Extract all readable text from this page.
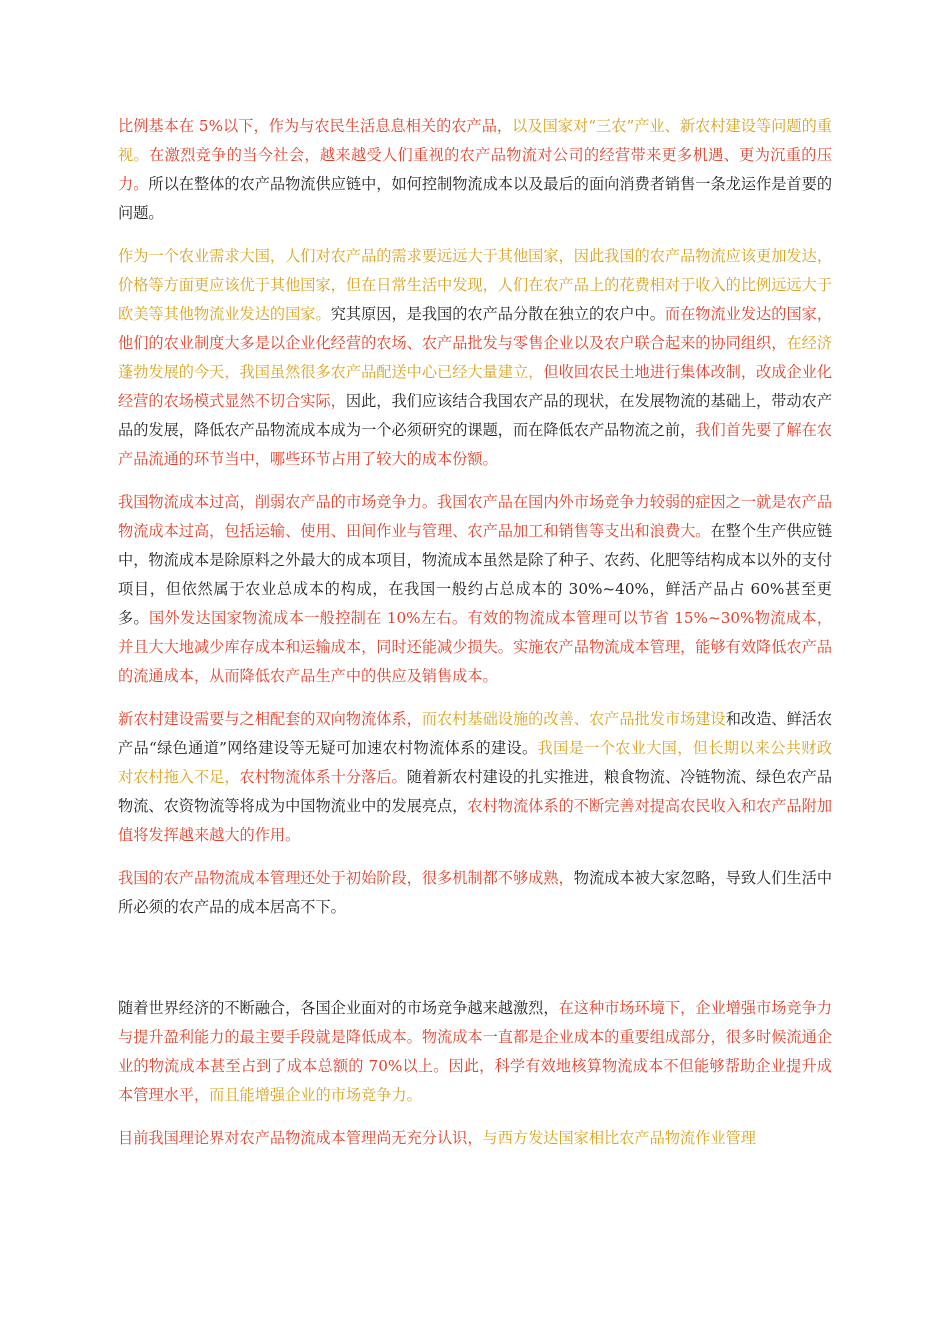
比例基本在 5%以下，作为与农民生活息息相关的农产品，以及国家对“三农”产业、新农村建设等问题的重视。在激烈竞争的当今社会，越来越受人们重视的农产品物流对公司的经营带来更多机遇、更为沉重的压力。所以在整体的农产品物流供应链中，如何控制物流成本以及最后的面向消费者销售一条龙运作是首要的问题。

作为一个农业需求大国，人们对农产品的需求要远远大于其他国家，因此我国的农产品物流应该更加发达，价格等方面更应该优于其他国家，但在日常生活中发现，人们在农产品上的花费相对于收入的比例远远大于欧美等其他物流业发达的国家。究其原因，是我国的农产品分散在独立的农户中。而在物流业发达的国家，他们的农业制度大多是以企业化经营的农场、农产品批发与零售企业以及农户联合起来的协同组织，在经济蓬勃发展的今天，我国虽然很多农产品配送中心已经大量建立，但收回农民土地进行集体改制，改成企业化经营的农场模式显然不切合实际，因此，我们应该结合我国农产品的现状，在发展物流的基础上，带动农产品的发展，降低农产品物流成本成为一个必须研究的课题，而在降低农产品物流之前，我们首先要了解在农产品流通的环节当中，哪些环节占用了较大的成本份额。

我国物流成本过高，削弱农产品的市场竞争力。我国农产品在国内外市场竞争力较弱的症因之一就是农产品物流成本过高，包括运输、使用、田间作业与管理、农产品加工和销售等支出和浪费大。在整个生产供应链中，物流成本是除原料之外最大的成本项目，物流成本虽然是除了种子、农药、化肥等结构成本以外的支付项目，但依然属于农业总成本的构成，在我国一般约占总成本的 30%~40%，鲜活产品占 60%甚至更多。国外发达国家物流成本一般控制在 10%左右。有效的物流成本管理可以节省 15%~30%物流成本，并且大大地减少库存成本和运输成本，同时还能减少损失。实施农产品物流成本管理，能够有效降低农产品的流通成本，从而降低农产品生产中的供应及销售成本。

新农村建设需要与之相配套的双向物流体系，而农村基础设施的改善、农产品批发市场建设和改造、鲜活农产品“绿色通道”网络建设等无疑可加速农村物流体系的建设。我国是一个农业大国，但长期以来公共财政对农村拖入不足，农村物流体系十分落后。随着新农村建设的扎实推进，粮食物流、冷链物流、绿色农产品物流、农资物流等将成为中国物流业中的发展亮点，农村物流体系的不断完善对提高农民收入和农产品附加值将发挥越来越大的作用。

我国的农产品物流成本管理还处于初始阶段，很多机制都不够成熟，物流成本被大家忽略，导致人们生活中所必须的农产品的成本居高不下。

随着世界经济的不断融合，各国企业面对的市场竞争越来越激烈，在这种市场环境下，企业增强市场竞争力与提升盈利能力的最主要手段就是降低成本。物流成本一直都是企业成本的重要组成部分，很多时候流通企业的物流成本甚至占到了成本总额的 70%以上。因此，科学有效地核算物流成本不但能够帮助企业提升成本管理水平，而且能增强企业的市场竞争力。

目前我国理论界对农产品物流成本管理尚无充分认识，与西方发达国家相比农产品物流作业管理
